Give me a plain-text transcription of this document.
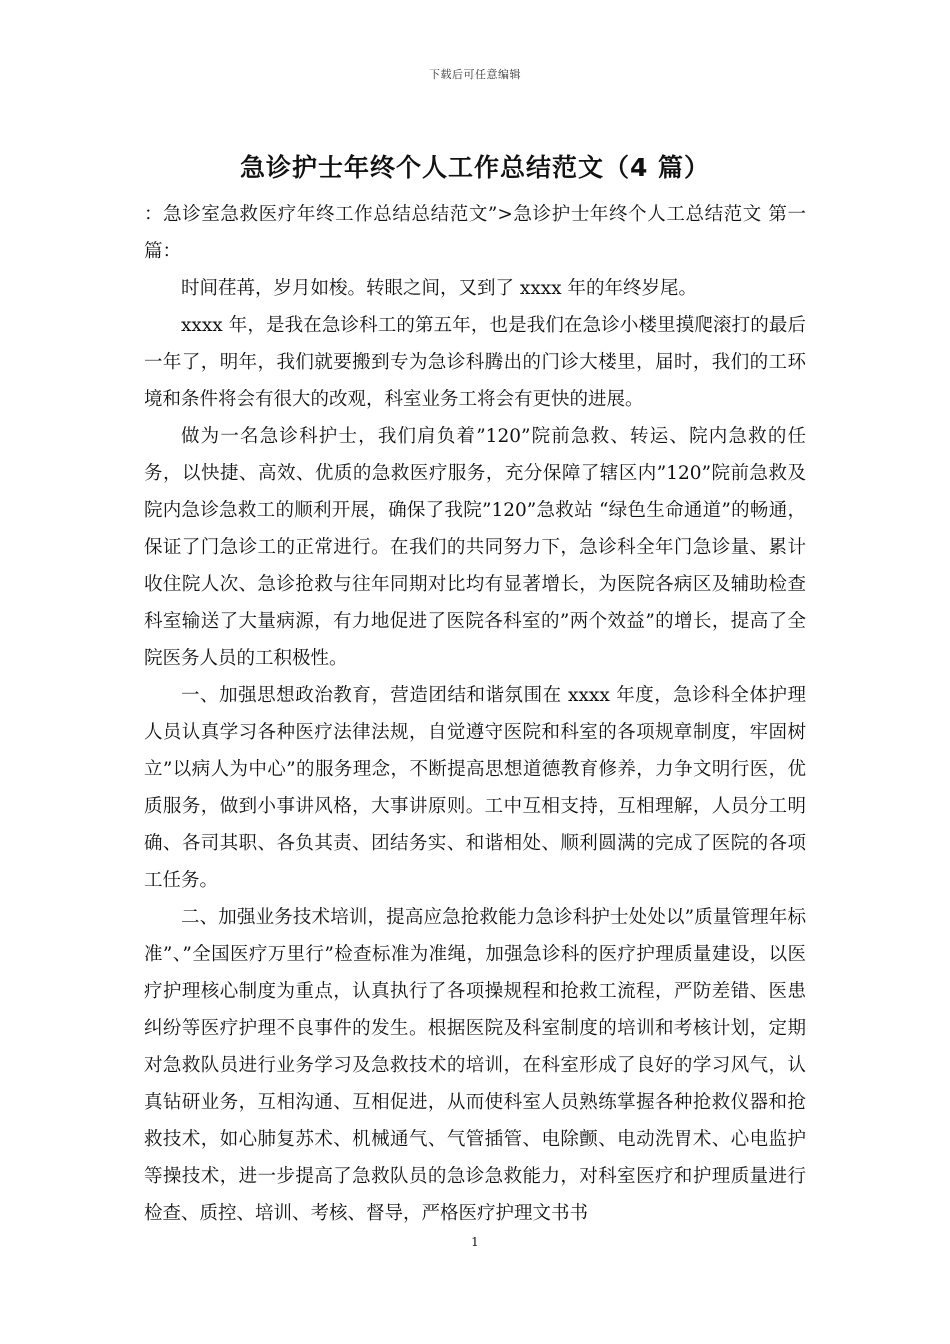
下载后可任意编辑
急诊护士年终个人工作总结范文（4 篇）

：急诊室急救医疗年终工作总结总结范文”>急诊护士年终个人工总结范文 第一篇：

时间荏苒，岁月如梭。转眼之间，又到了 xxxx 年的年终岁尾。

xxxx 年，是我在急诊科工的第五年，也是我们在急诊小楼里摸爬滚打的最后一年了，明年，我们就要搬到专为急诊科腾出的门诊大楼里，届时，我们的工环境和条件将会有很大的改观，科室业务工将会有更快的进展。

做为一名急诊科护士，我们肩负着”120”院前急救、转运、院内急救的任务，以快捷、高效、优质的急救医疗服务，充分保障了辖区内”120”院前急救及院内急诊急救工的顺利开展，确保了我院”120”急救站 “绿色生命通道”的畅通，保证了门急诊工的正常进行。在我们的共同努力下，急诊科全年门急诊量、累计收住院人次、急诊抢救与往年同期对比均有显著增长，为医院各病区及辅助检查科室输送了大量病源，有力地促进了医院各科室的”两个效益”的增长，提高了全院医务人员的工积极性。

一、加强思想政治教育，营造团结和谐氛围在 xxxx 年度，急诊科全体护理人员认真学习各种医疗法律法规，自觉遵守医院和科室的各项规章制度，牢固树立”以病人为中心”的服务理念，不断提高思想道德教育修养，力争文明行医，优质服务，做到小事讲风格，大事讲原则。工中互相支持，互相理解，人员分工明确、各司其职、各负其责、团结务实、和谐相处、顺利圆满的完成了医院的各项工任务。

二、加强业务技术培训，提高应急抢救能力急诊科护士处处以”质量管理年标准”、”全国医疗万里行”检查标准为准绳，加强急诊科的医疗护理质量建设，以医疗护理核心制度为重点，认真执行了各项操规程和抢救工流程，严防差错、医患纠纷等医疗护理不良事件的发生。根据医院及科室制度的培训和考核计划，定期对急救队员进行业务学习及急救技术的培训，在科室形成了良好的学习风气，认真钻研业务，互相沟通、互相促进，从而使科室人员熟练掌握各种抢救仪器和抢救技术，如心肺复苏术、机械通气、气管插管、电除颤、电动洗胃术、心电监护等操技术，进一步提高了急救队员的急诊急救能力，对科室医疗和护理质量进行检查、质控、培训、考核、督导，严格医疗护理文书书

1
